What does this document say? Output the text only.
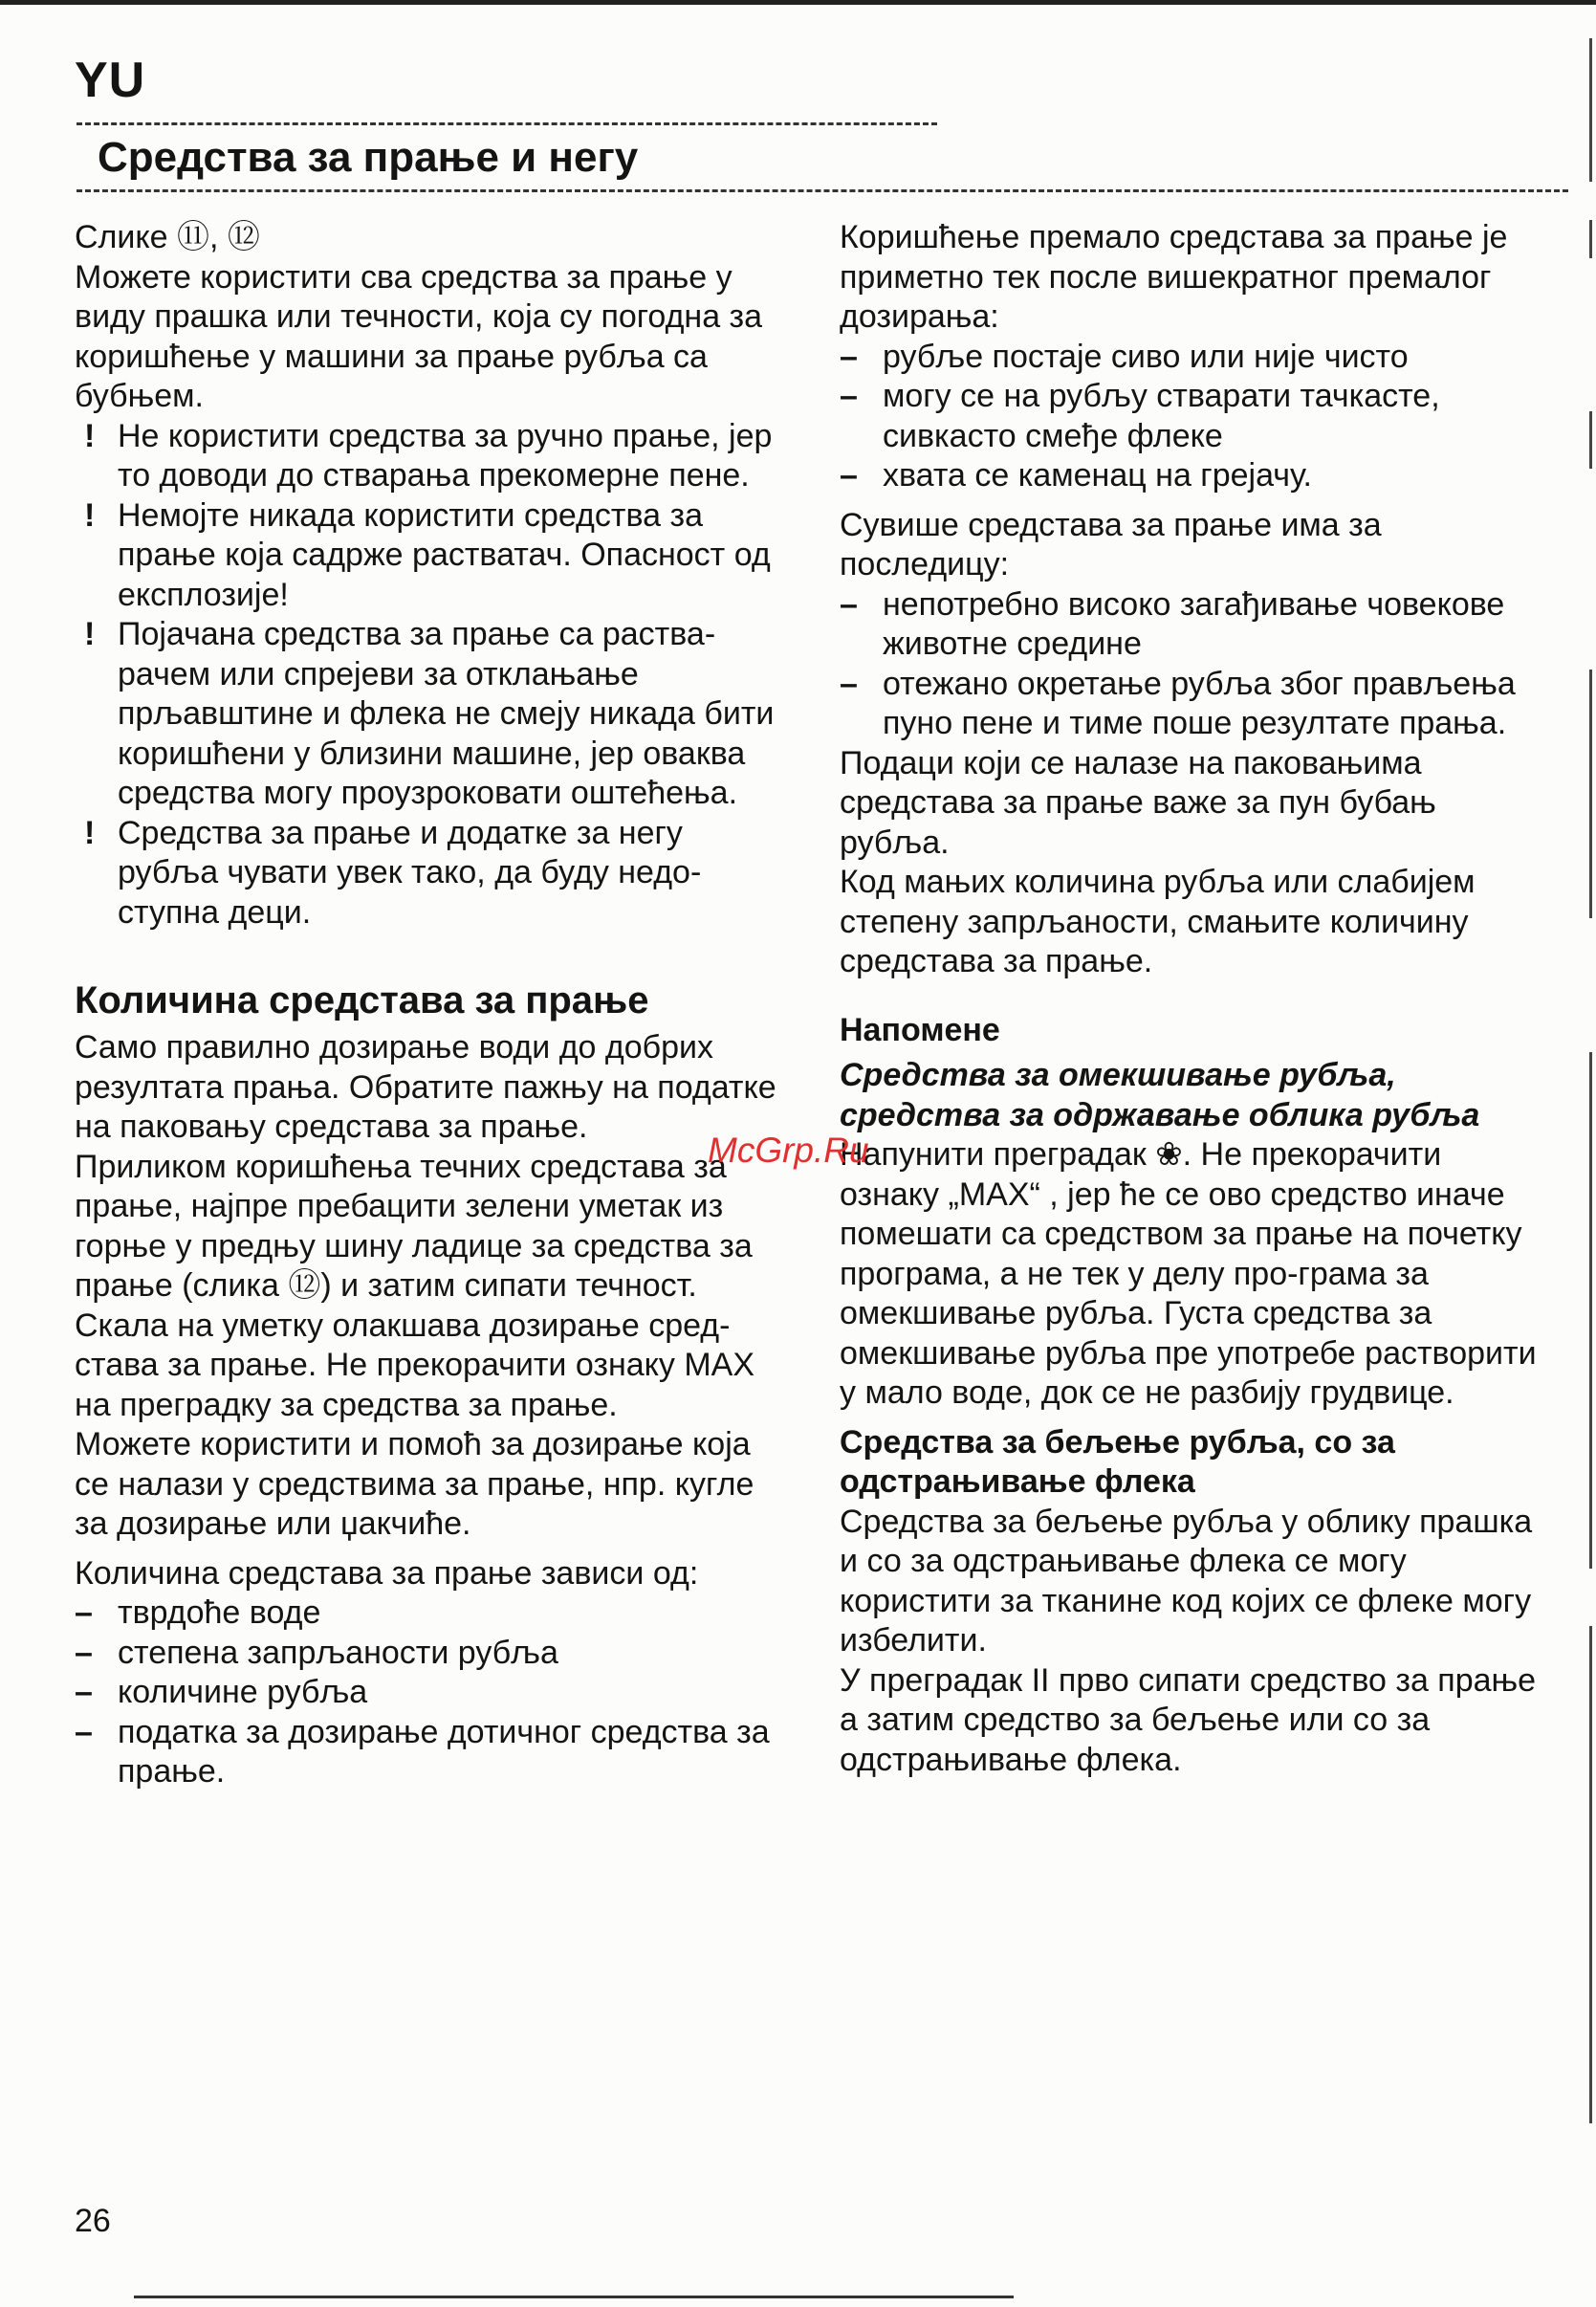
YU
Средства за прање и негу

Слике ⑪, ⑫

Можете користити сва средства за прање у виду прашка или течности, која су погодна за коришћење у машини за прање рубља са бубњем.

! Не користити средства за ручно прање, јер то доводи до стварања прекомерне пене.
! Немојте никада користити средства за прање која садрже растватач. Опасност од експлозије!
! Појачана средства за прање са раства-рачем или спрејеви за отклањање прљавштине и флека не смеју никада бити коришћени у близини машине, јер оваква средства могу проузроковати оштећења.
! Средства за прање и додатке за негу рубља чувати увек тако, да буду недо-ступна деци.
Количина средстава за прање

Само правилно дозирање води до добрих резултата прања. Обратите пажњу на податке на паковању средстава за прање.

Приликом коришћења течних средстава за прање, најпре пребацити зелени уметак из горње у предњу шину ладице за средства за прање (слика ⑫) и затим сипати течност.

Скала на уметку олакшава дозирање сред-става за прање. Не прекорачити ознаку MAX на преградку за средства за прање.

Можете користити и помоћ за дозирање која се налази у средствима за прање, нпр. кугле за дозирање или џакчиће.

Количина средстава за прање зависи од:

– тврдоће воде
– степена запрљаности рубља
– количине рубља
– податка за дозирање дотичног средства за прање.

Коришћење премало средстава за прање је приметно тек после вишекратног премалог дозирања:

– рубље постаје сиво или није чисто
– могу се на рубљу стварати тачкасте, сивкасто смеђе флеке
– хвата се каменац на грејачу.

Сувише средстава за прање има за последицу:

– непотребно високо загађивање човекове животне средине
– отежано окретање рубља због прављења пуно пене и тиме поше резултате прања.

Подаци који се налазе на паковањима средстава за прање важе за пун бубањ рубља.

Код мањих количина рубља или слабијем степену запрљаности, смањите количину средстава за прање.

Напомене

Средства за омекшивање рубља, средства за одржавање облика рубља

Напунити преградак ❀. Не прекорачити ознаку „MAX“ , јер ће се ово средство иначе помешати са средством за прање на почетку програма, а не тек у делу про-грама за омекшивање рубља. Густа средства за омекшивање рубља пре употребе растворити у мало воде, док се не разбију грудвице.

Средства за бељење рубља, со за одстрањивање флека

Средства за бељење рубља у облику прашка и со за одстрањивање флека се могу користити за тканине код којих се флеке могу избелити.

У преградак II прво сипати средство за прање а затим средство за бељење или со за одстрањивање флека.

McGrp.Ru
26
